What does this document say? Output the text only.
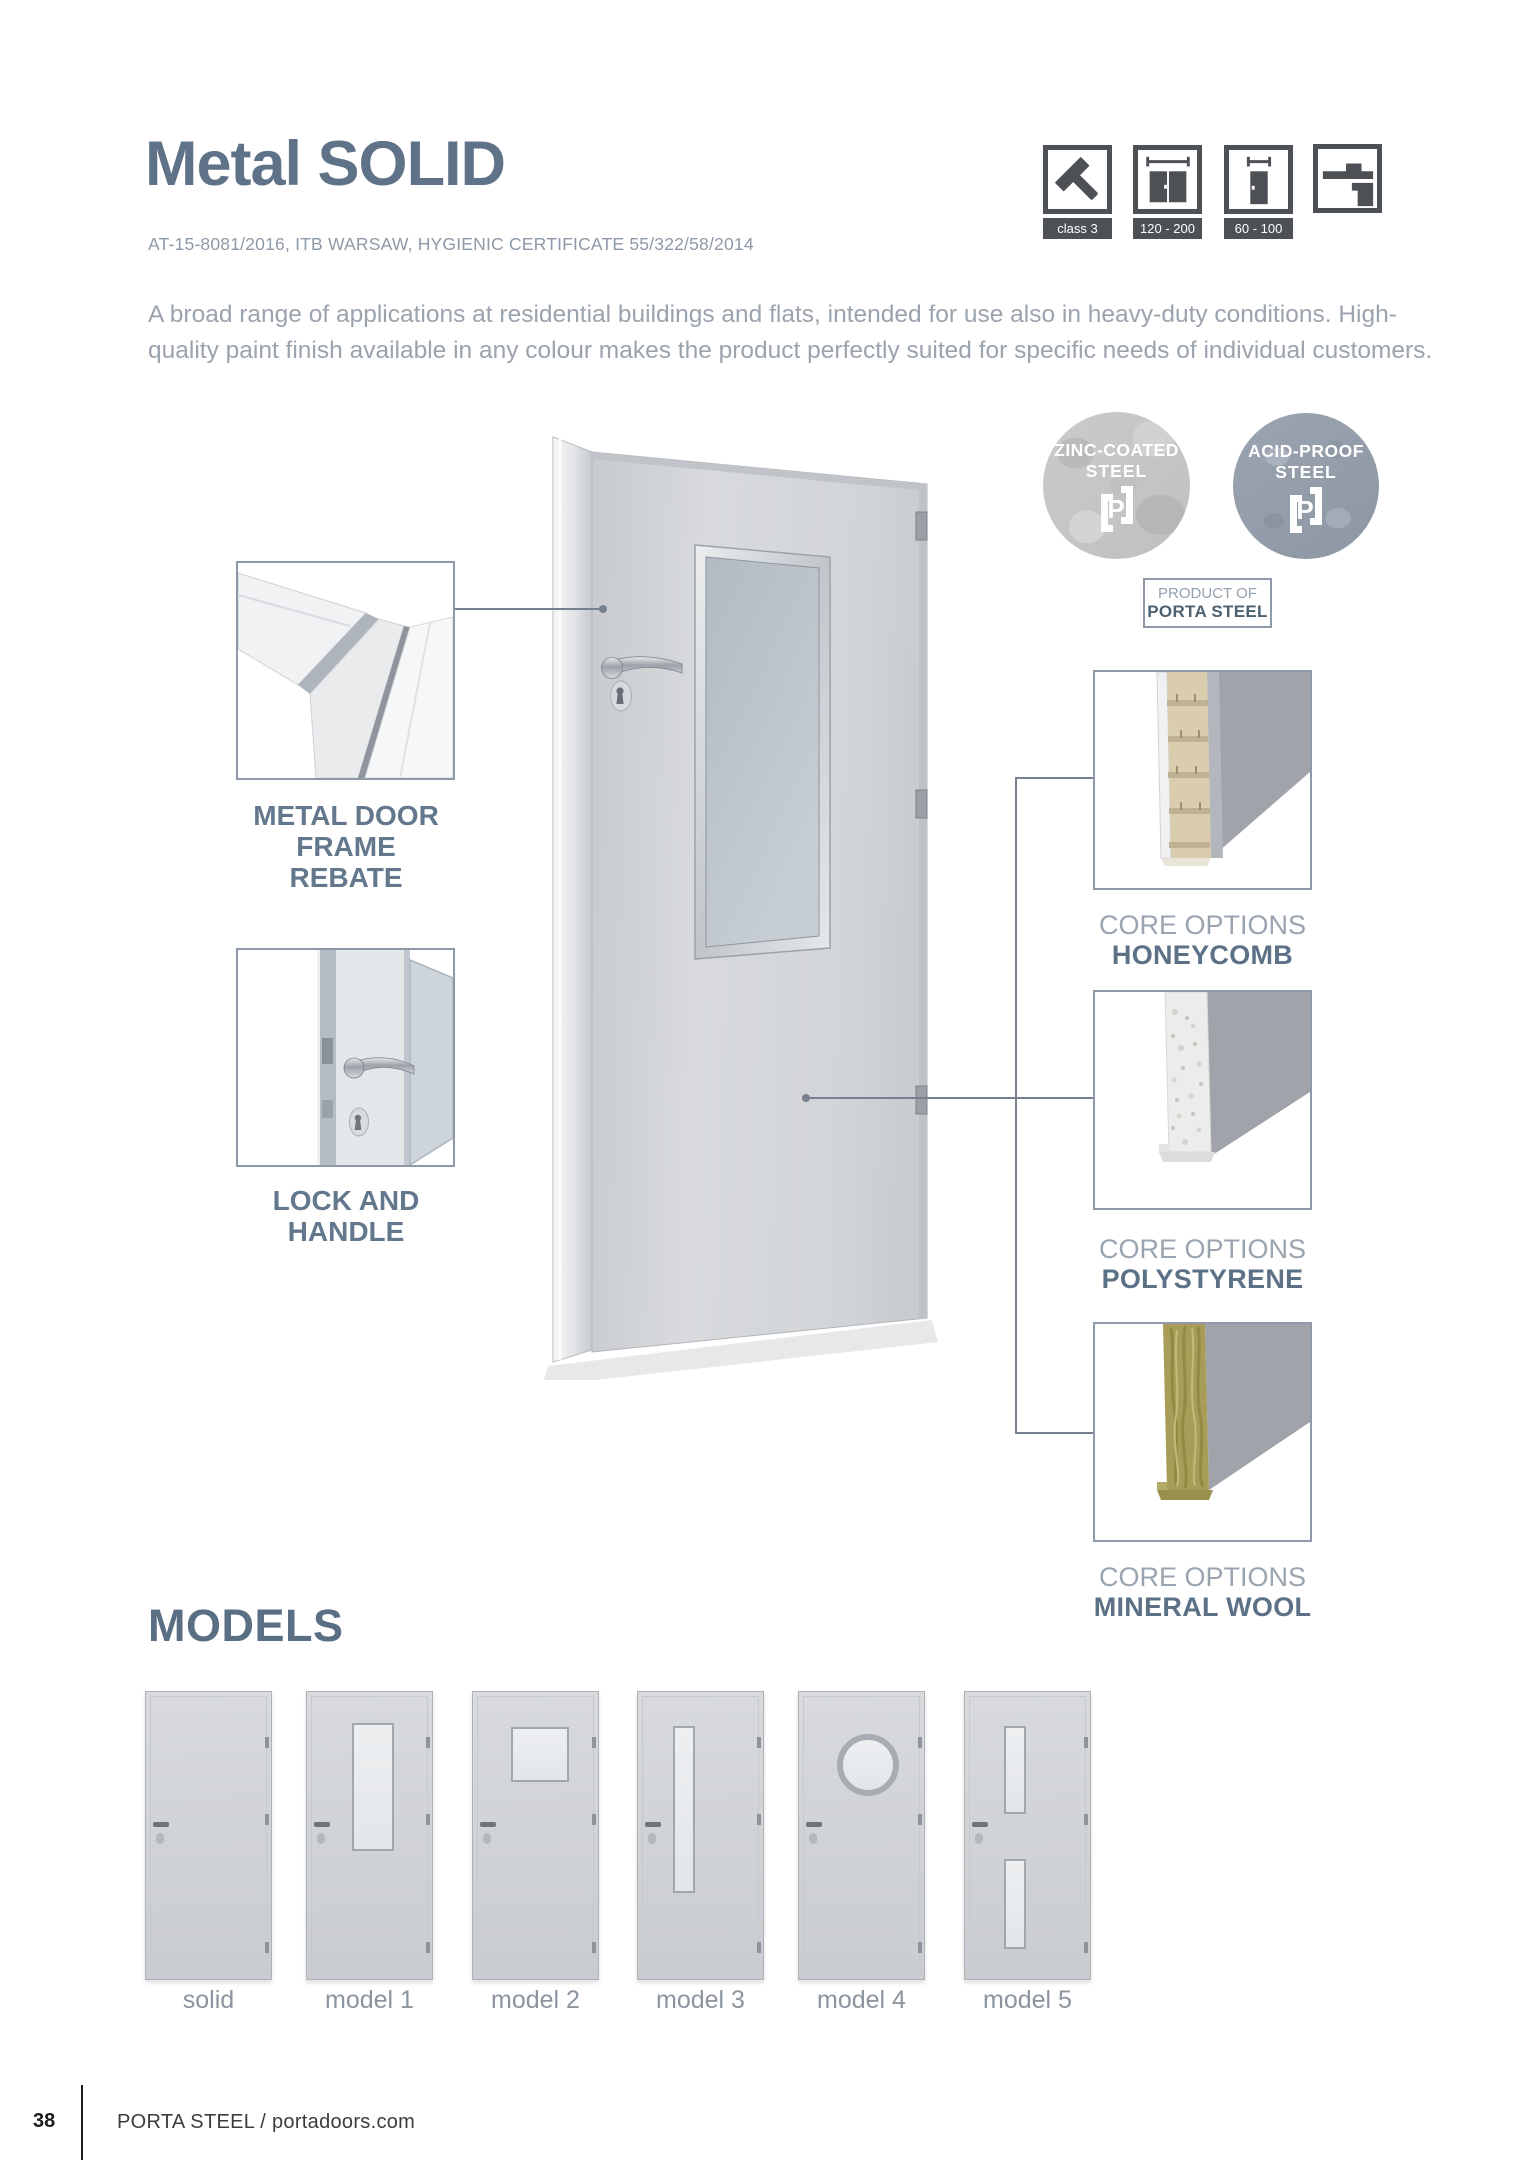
Metal SOLID
AT-15-8081/2016, ITB WARSAW, HYGIENIC CERTIFICATE 55/322/58/2014
A broad range of applications at residential buildings and flats, intended for use also in heavy-duty conditions. High-quality paint finish available in any colour makes the product perfectly suited for specific needs of individual customers.
class 3	120 - 200	60 - 100
ZINC-COATED
STEEL
P
ACID-PROOF
STEEL
P
PRODUCT OF
PORTA STEEL
METAL DOOR FRAME
REBATE
LOCK AND HANDLE
CORE OPTIONS
HONEYCOMB
CORE OPTIONS
POLYSTYRENE
CORE OPTIONS
MINERAL WOOL
MODELS
solid	model 1	model 2	model 3	model 4	model 5
38	PORTA STEEL / portadoors.com
